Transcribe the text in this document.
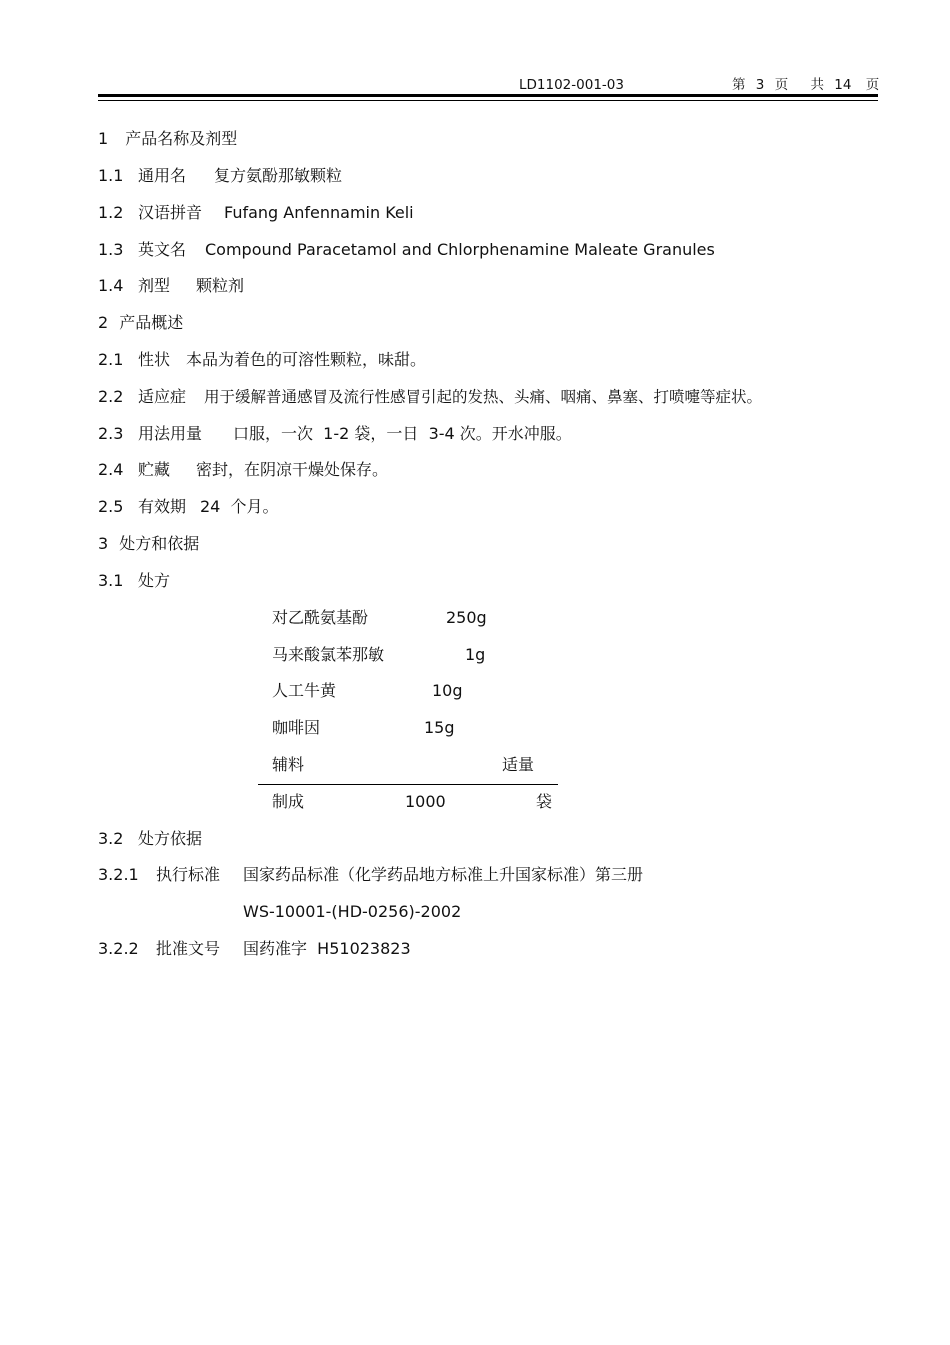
LD1102-001-03	第 3 页 共 14 页
1 产品名称及剂型
1.1 通用名 复方氨酚那敏颗粒
1.2 汉语拼音 Fufang Anfennamin Keli
1.3 英文名 Compound Paracetamol and Chlorphenamine Maleate Granules
1.4 剂型 颗粒剂
2 产品概述
2.1 性状 本品为着色的可溶性颗粒，味甜。
2.2 适应症 用于缓解普通感冒及流行性感冒引起的发热、头痛、咽痛、鼻塞、打喷嚏等症状。
2.3 用法用量 口服，一次  1-2 袋，一日  3-4 次。开水冲服。
2.4 贮藏 密封，在阴凉干燥处保存。
2.5 有效期 24  个月。
3 处方和依据
3.1 处方
对乙酰氨基酚	250g
马来酸氯苯那敏	1g
人工牛黄	10g
咖啡因	15g
辅料	适量
制成	1000	袋
3.2 处方依据
3.2.1 执行标准 国家药品标准（化学药品地方标准上升国家标准）第三册
WS-10001-(HD-0256)-2002
3.2.2 批准文号 国药准字  H51023823
